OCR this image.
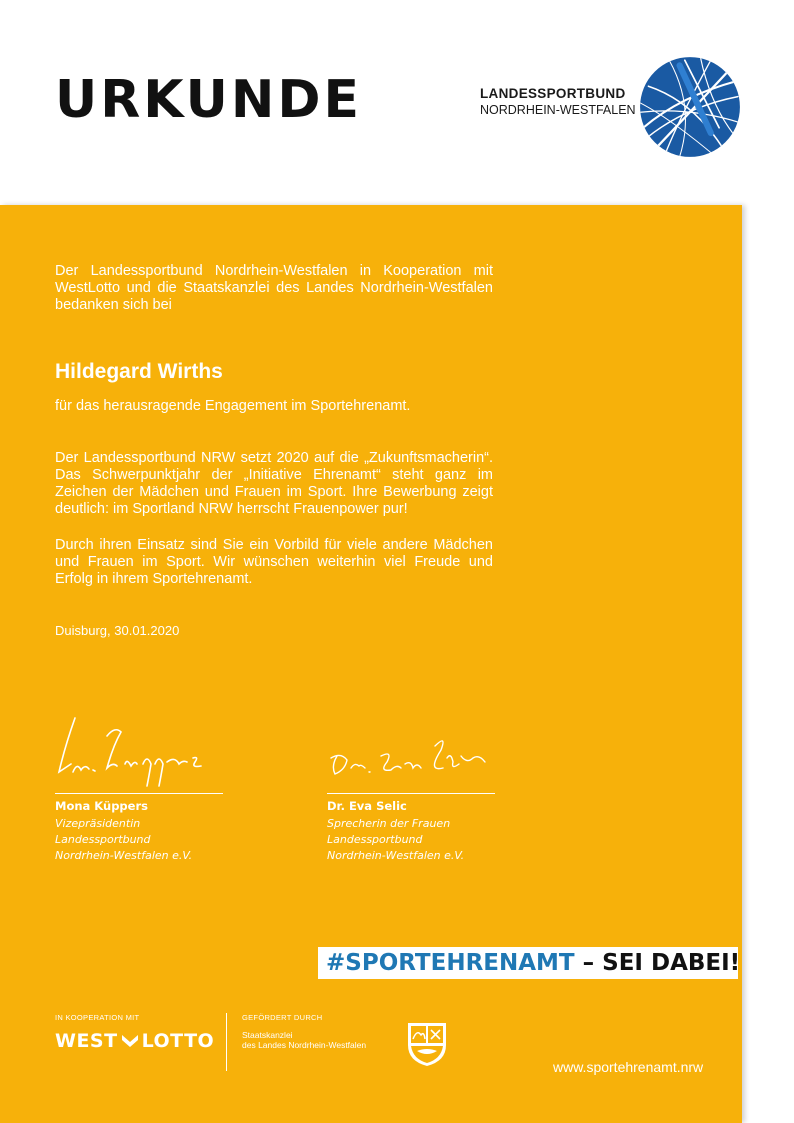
URKUNDE	LANDESSPORTBUND
NORDRHEIN-WESTFALEN

Der Landessportbund Nordrhein-Westfalen in Kooperation mit WestLotto und die Staatskanzlei des Landes Nordrhein-Westfalen bedanken sich bei

Hildegard Wirths

für das herausragende Engagement im Sportehrenamt.

Der Landessportbund NRW setzt 2020 auf die „Zukunftsmacherin“. Das Schwerpunktjahr der „Initiative Ehrenamt“ steht ganz im Zeichen der Mädchen und Frauen im Sport. Ihre Bewerbung zeigt deutlich: im Sportland NRW herrscht Frauenpower pur!

Durch ihren Einsatz sind Sie ein Vorbild für viele andere Mädchen und Frauen im Sport. Wir wünschen weiterhin viel Freude und Erfolg in ihrem Sportehrenamt.

Duisburg, 30.01.2020

Mona Küppers
Vizepräsidentin
Landessportbund
Nordrhein-Westfalen e.V.
Dr. Eva Selic
Sprecherin der Frauen
Landessportbund
Nordrhein-Westfalen e.V.
#SPORTEHRENAMT – SEI DABEI!
IN KOOPERATION MIT
WEST LOTTO
GEFÖRDERT DURCH
Staatskanzlei
des Landes Nordrhein-Westfalen
www.sportehrenamt.nrw
